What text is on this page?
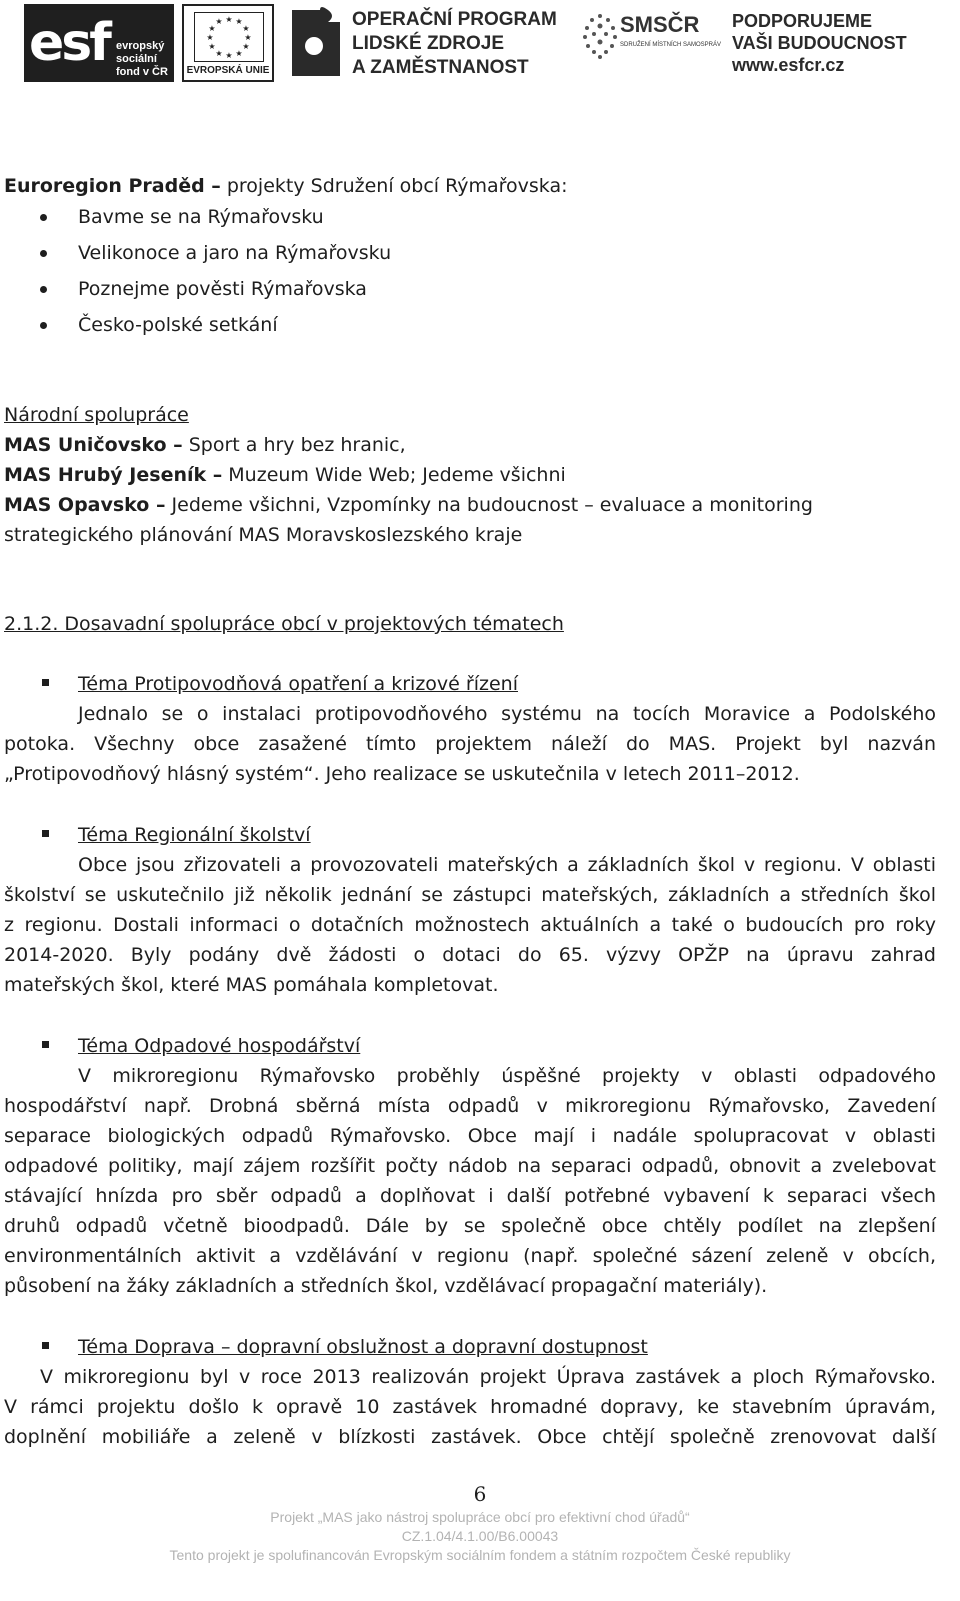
esf evropský
sociální
fond v ČR
★ ★
★
★
★
★
★
★
★
★
★
★
EVROPSKÁ UNIE
OPERAČNÍ PROGRAM
LIDSKÉ ZDROJE
A ZAMĚSTNANOST
SMSČR
SDRUŽENÍ MÍSTNÍCH SAMOSPRÁV
PODPORUJEME
VAŠI BUDOUCNOST
www.esfcr.cz
Euroregion Praděd – projekty Sdružení obcí Rýmařovska:
Bavme se na Rýmařovsku
Velikonoce a jaro na Rýmařovsku
Poznejme pověsti Rýmařovska
Česko-polské setkání
Národní spolupráce
MAS Uničovsko – Sport a hry bez hranic,
MAS Hrubý Jeseník – Muzeum Wide Web; Jedeme všichni
MAS Opavsko – Jedeme všichni, Vzpomínky na budoucnost – evaluace a monitoring
strategického plánování MAS Moravskoslezského kraje
2.1.2. Dosavadní spolupráce obcí v projektových tématech
Téma Protipovodňová opatření a krizové řízení
Jednalo se o instalaci protipovodňového systému na tocích Moravice a Podolského
potoka. Všechny obce zasažené tímto projektem náleží do MAS. Projekt byl nazván
„Protipovodňový hlásný systém“. Jeho realizace se uskutečnila v letech 2011–2012.
Téma Regionální školství
Obce jsou zřizovateli a provozovateli mateřských a základních škol v regionu. V oblasti
školství se uskutečnilo již několik jednání se zástupci mateřských, základních a středních škol
z regionu. Dostali informaci o dotačních možnostech aktuálních a také o budoucích pro roky
2014-2020. Byly podány dvě žádosti o dotaci do 65. výzvy OPŽP na úpravu zahrad
mateřských škol, které MAS pomáhala kompletovat.
Téma Odpadové hospodářství
V mikroregionu Rýmařovsko proběhly úspěšné projekty v oblasti odpadového
hospodářství např. Drobná sběrná místa odpadů v mikroregionu Rýmařovsko, Zavedení
separace biologických odpadů Rýmařovsko. Obce mají i nadále spolupracovat v oblasti
odpadové politiky, mají zájem rozšířit počty nádob na separaci odpadů, obnovit a zvelebovat
stávající hnízda pro sběr odpadů a doplňovat i další potřebné vybavení k separaci všech
druhů odpadů včetně bioodpadů. Dále by se společně obce chtěly podílet na zlepšení
environmentálních aktivit a vzdělávání v regionu (např. společné sázení zeleně v obcích,
působení na žáky základních a středních škol, vzdělávací propagační materiály).
Téma Doprava – dopravní obslužnost a dopravní dostupnost
V mikroregionu byl v roce 2013 realizován projekt Úprava zastávek a ploch Rýmařovsko.
V rámci projektu došlo k opravě 10 zastávek hromadné dopravy, ke stavebním úpravám,
doplnění mobiliáře a zeleně v blízkosti zastávek. Obce chtějí společně zrenovovat další
6
Projekt „MAS jako nástroj spolupráce obcí pro efektivní chod úřadů“
CZ.1.04/4.1.00/B6.00043
Tento projekt je spolufinancován Evropským sociálním fondem a státním rozpočtem České republiky
